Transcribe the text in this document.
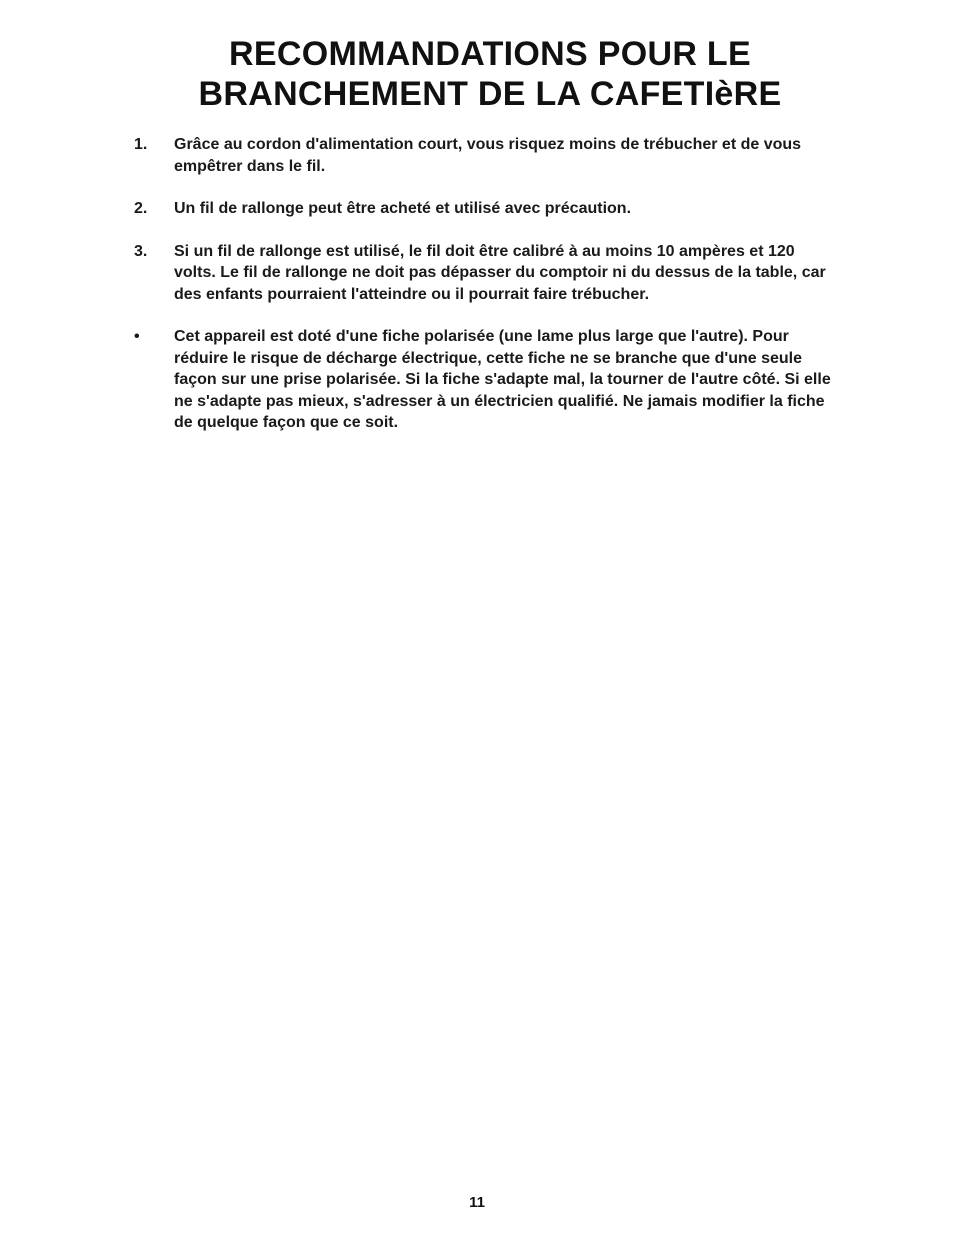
RECOMMANDATIONS POUR LE
BRANCHEMENT DE LA CAFETIèRE
1.	Grâce au cordon d'alimentation court, vous risquez moins de trébucher et de vous empêtrer dans le fil.
2.	Un fil de rallonge peut être acheté et utilisé avec précaution.
3.	Si un fil de rallonge est utilisé, le fil doit être calibré à au moins 10 ampères et 120 volts. Le fil de rallonge ne doit pas dépasser du comptoir ni du dessus de la table, car des enfants pourraient l'atteindre ou il pourrait faire trébucher.
•	Cet appareil est doté d'une fiche polarisée (une lame plus large que l'autre). Pour réduire le risque de décharge électrique, cette fiche ne se branche que d'une seule façon sur une prise polarisée. Si la fiche s'adapte mal, la tourner de l'autre côté. Si elle ne s'adapte pas mieux, s'adresser à un électricien qualifié. Ne jamais modifier la fiche de quelque façon que ce soit.
11
